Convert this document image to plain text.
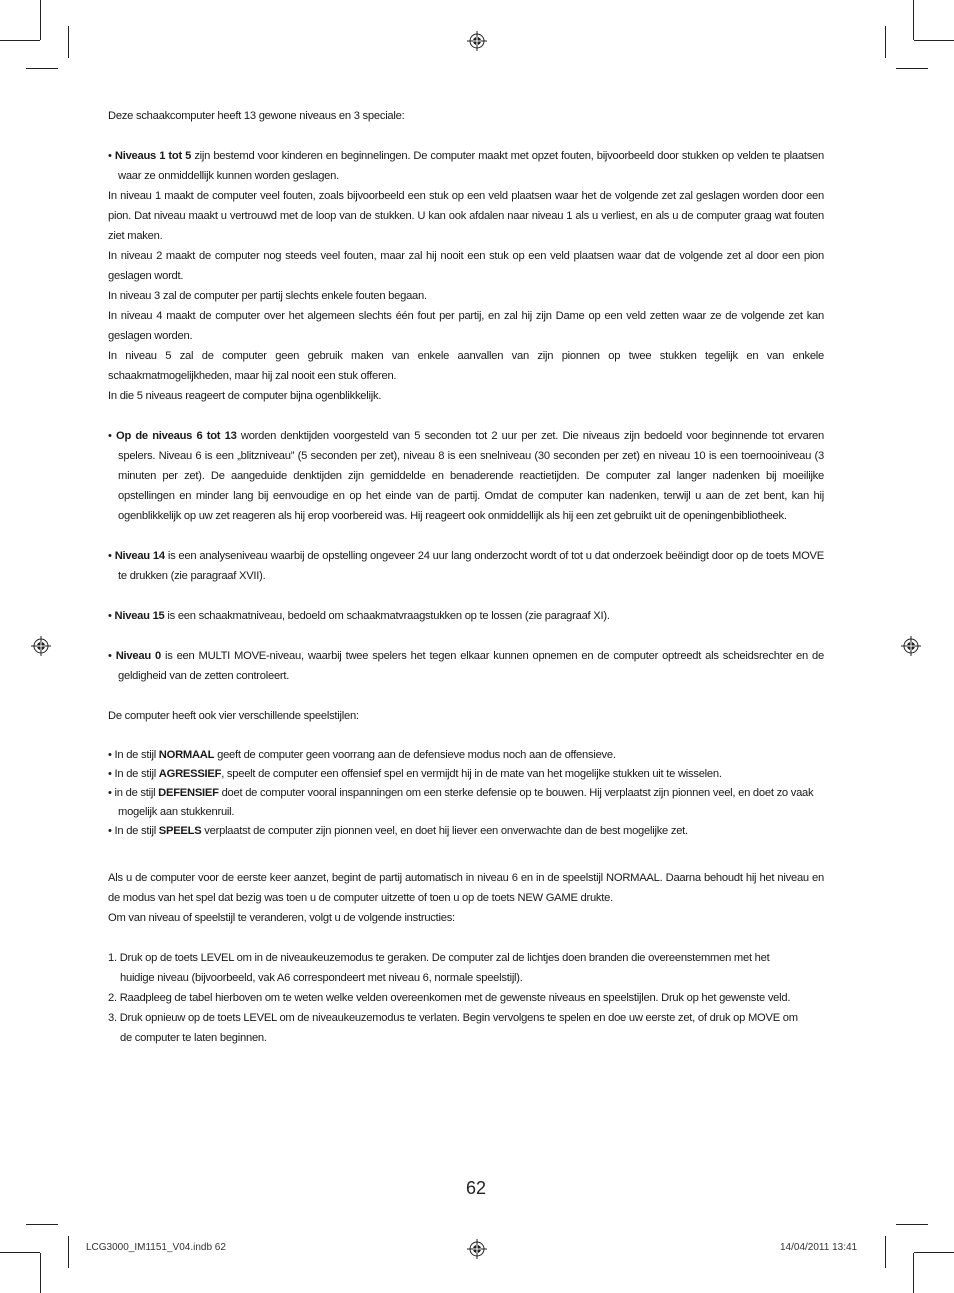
Deze schaakcomputer heeft 13 gewone niveaus en 3 speciale:

• Niveaus 1 tot 5 zijn bestemd voor kinderen en beginnelingen. De computer maakt met opzet fouten, bijvoorbeeld door stukken op velden te plaatsen waar ze onmiddellijk kunnen worden geslagen.

In niveau 1 maakt de computer veel fouten, zoals bijvoorbeeld een stuk op een veld plaatsen waar het de volgende zet zal geslagen worden door een pion. Dat niveau maakt u vertrouwd met de loop van de stukken. U kan ook afdalen naar niveau 1 als u verliest, en als u de computer graag wat fouten ziet maken.

In niveau 2 maakt de computer nog steeds veel fouten, maar zal hij nooit een stuk op een veld plaatsen waar dat de volgende zet al door een pion geslagen wordt.

In niveau 3 zal de computer per partij slechts enkele fouten begaan.

In niveau 4 maakt de computer over het algemeen slechts één fout per partij, en zal hij zijn Dame op een veld zetten waar ze de volgende zet kan geslagen worden.

In niveau 5 zal de computer geen gebruik maken van enkele aanvallen van zijn pionnen op twee stukken tegelijk en van enkele schaakmatmogelijkheden, maar hij zal nooit een stuk offeren.

In die 5 niveaus reageert de computer bijna ogenblikkelijk.

• Op de niveaus 6 tot 13 worden denktijden voorgesteld van 5 seconden tot 2 uur per zet. Die niveaus zijn bedoeld voor beginnende tot ervaren spelers. Niveau 6 is een „blitzniveau” (5 seconden per zet), niveau 8 is een snelniveau (30 seconden per zet) en niveau 10 is een toernooiniveau (3 minuten per zet). De aangeduide denktijden zijn gemiddelde en benaderende reactietijden. De computer zal langer nadenken bij moeilijke opstellingen en minder lang bij eenvoudige en op het einde van de partij. Omdat de computer kan nadenken, terwijl u aan de zet bent, kan hij ogenblikkelijk op uw zet reageren als hij erop voorbereid was. Hij reageert ook onmiddellijk als hij een zet gebruikt uit de openingenbibliotheek.

• Niveau 14 is een analyseniveau waarbij de opstelling ongeveer 24 uur lang onderzocht wordt of tot u dat onderzoek beëindigt door op de toets MOVE te drukken (zie paragraaf XVII).

• Niveau 15 is een schaakmatniveau, bedoeld om schaakmatvraagstukken op te lossen (zie paragraaf XI).

• Niveau 0 is een MULTI MOVE-niveau, waarbij twee spelers het tegen elkaar kunnen opnemen en de computer optreedt als scheidsrechter en de geldigheid van de zetten controleert.

De computer heeft ook vier verschillende speelstijlen:

• In de stijl NORMAAL geeft de computer geen voorrang aan de defensieve modus noch aan de offensieve.

• In de stijl AGRESSIEF, speelt de computer een offensief spel en vermijdt hij in de mate van het mogelijke stukken uit te wisselen.

• in de stijl DEFENSIEF doet de computer vooral inspanningen om een sterke defensie op te bouwen. Hij verplaatst zijn pionnen veel, en doet zo vaak mogelijk aan stukkenruil.

• In de stijl SPEELS verplaatst de computer zijn pionnen veel, en doet hij liever een onverwachte dan de best mogelijke zet.

Als u de computer voor de eerste keer aanzet, begint de partij automatisch in niveau 6 en in de speelstijl NORMAAL. Daarna behoudt hij het niveau en de modus van het spel dat bezig was toen u de computer uitzette of toen u op de toets NEW GAME drukte.

Om van niveau of speelstijl te veranderen, volgt u de volgende instructies:

1. Druk op de toets LEVEL om in de niveaukeuzemodus te geraken. De computer zal de lichtjes doen branden die overeenstemmen met het huidige niveau (bijvoorbeeld, vak A6 correspondeert met niveau 6, normale speelstijl).

2. Raadpleeg de tabel hierboven om te weten welke velden overeenkomen met de gewenste niveaus en speelstijlen. Druk op het gewenste veld.

3. Druk opnieuw op de toets LEVEL om de niveaukeuzemodus te verlaten. Begin vervolgens te spelen en doe uw eerste zet, of druk op MOVE om de computer te laten beginnen.

62
LCG3000_IM1151_V04.indb 62	14/04/2011 13:41
